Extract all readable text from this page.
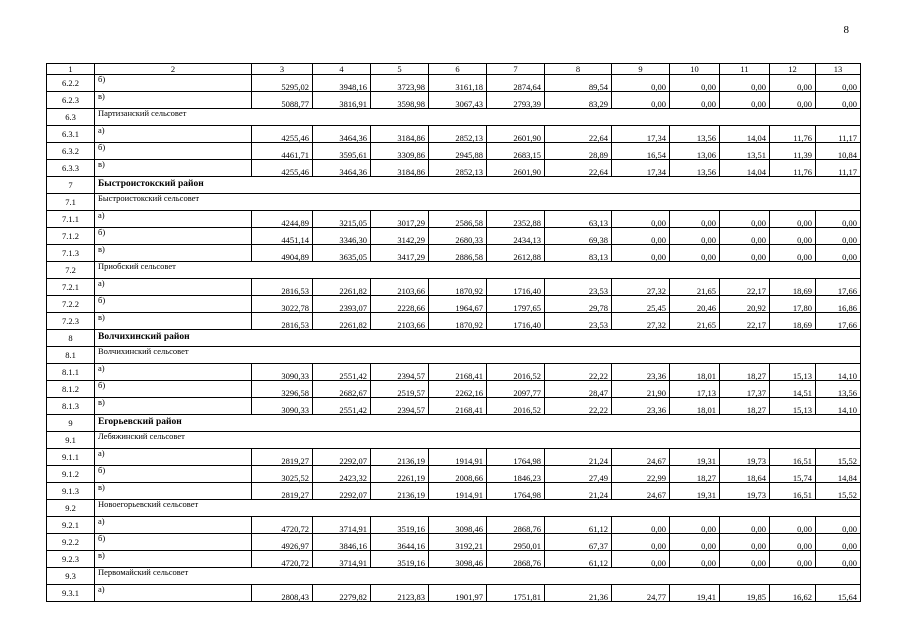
8
1	2	3	4	5	6	7	8	9	10	11	12	13
6.2.2	б)	5295,02	3948,16	3723,98	3161,18	2874,64	89,54	0,00	0,00	0,00	0,00	0,00
6.2.3	в)	5088,77	3816,91	3598,98	3067,43	2793,39	83,29	0,00	0,00	0,00	0,00	0,00
6.3	Партизанский сельсовет											
6.3.1	а)	4255,46	3464,36	3184,86	2852,13	2601,90	22,64	17,34	13,56	14,04	11,76	11,17
6.3.2	б)	4461,71	3595,61	3309,86	2945,88	2683,15	28,89	16,54	13,06	13,51	11,39	10,84
6.3.3	в)	4255,46	3464,36	3184,86	2852,13	2601,90	22,64	17,34	13,56	14,04	11,76	11,17
7	Быстроистокский район											
7.1	Быстроистокский сельсовет											
7.1.1	а)	4244,89	3215,05	3017,29	2586,58	2352,88	63,13	0,00	0,00	0,00	0,00	0,00
7.1.2	б)	4451,14	3346,30	3142,29	2680,33	2434,13	69,38	0,00	0,00	0,00	0,00	0,00
7.1.3	в)	4904,89	3635,05	3417,29	2886,58	2612,88	83,13	0,00	0,00	0,00	0,00	0,00
7.2	Приобский сельсовет											
7.2.1	а)	2816,53	2261,82	2103,66	1870,92	1716,40	23,53	27,32	21,65	22,17	18,69	17,66
7.2.2	б)	3022,78	2393,07	2228,66	1964,67	1797,65	29,78	25,45	20,46	20,92	17,80	16,86
7.2.3	в)	2816,53	2261,82	2103,66	1870,92	1716,40	23,53	27,32	21,65	22,17	18,69	17,66
8	Волчихинский район											
8.1	Волчихинский сельсовет											
8.1.1	а)	3090,33	2551,42	2394,57	2168,41	2016,52	22,22	23,36	18,01	18,27	15,13	14,10
8.1.2	б)	3296,58	2682,67	2519,57	2262,16	2097,77	28,47	21,90	17,13	17,37	14,51	13,56
8.1.3	в)	3090,33	2551,42	2394,57	2168,41	2016,52	22,22	23,36	18,01	18,27	15,13	14,10
9	Егорьевский район											
9.1	Лебяжинский сельсовет											
9.1.1	а)	2819,27	2292,07	2136,19	1914,91	1764,98	21,24	24,67	19,31	19,73	16,51	15,52
9.1.2	б)	3025,52	2423,32	2261,19	2008,66	1846,23	27,49	22,99	18,27	18,64	15,74	14,84
9.1.3	в)	2819,27	2292,07	2136,19	1914,91	1764,98	21,24	24,67	19,31	19,73	16,51	15,52
9.2	Новоегорьевский сельсовет											
9.2.1	а)	4720,72	3714,91	3519,16	3098,46	2868,76	61,12	0,00	0,00	0,00	0,00	0,00
9.2.2	б)	4926,97	3846,16	3644,16	3192,21	2950,01	67,37	0,00	0,00	0,00	0,00	0,00
9.2.3	в)	4720,72	3714,91	3519,16	3098,46	2868,76	61,12	0,00	0,00	0,00	0,00	0,00
9.3	Первомайский сельсовет											
9.3.1	а)	2808,43	2279,82	2123,83	1901,97	1751,81	21,36	24,77	19,41	19,85	16,62	15,64
